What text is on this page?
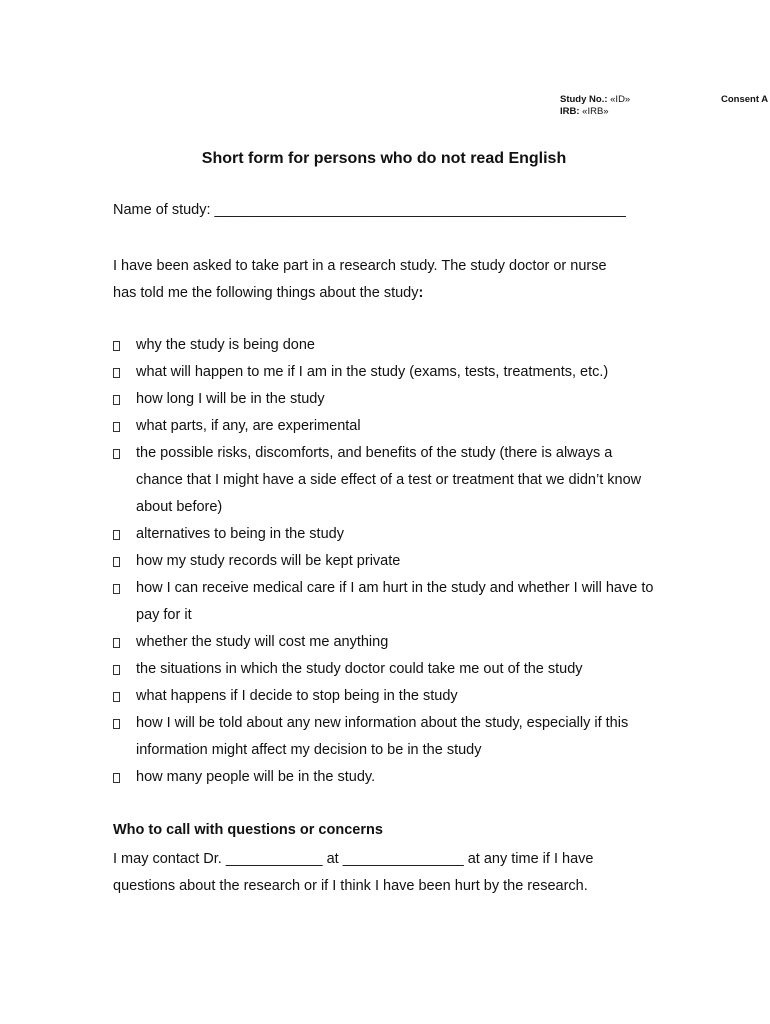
Study No.: «ID»
IRB: «IRB»
Consent A
Short form for persons who do not read English
Name of study: ___________________________________________________
I have been asked to take part in a research study. The study doctor or nurse
has told me the following things about the study:
why the study is being done
what will happen to me if I am in the study (exams, tests, treatments, etc.)
how long I will be in the study
what parts, if any, are experimental
the possible risks, discomforts, and benefits of the study (there is always a chance that I might have a side effect of a test or treatment that we didn’t know about before)
alternatives to being in the study
how my study records will be kept private
how I can receive medical care if I am hurt in the study and whether I will have to pay for it
whether the study will cost me anything
the situations in which the study doctor could take me out of the study
what happens if I decide to stop being in the study
how I will be told about any new information about the study, especially if this information might affect my decision to be in the study
how many people will be in the study.
Who to call with questions or concerns
I may contact Dr. ____________ at _______________ at any time if I have
questions about the research or if I think I have been hurt by the research.
